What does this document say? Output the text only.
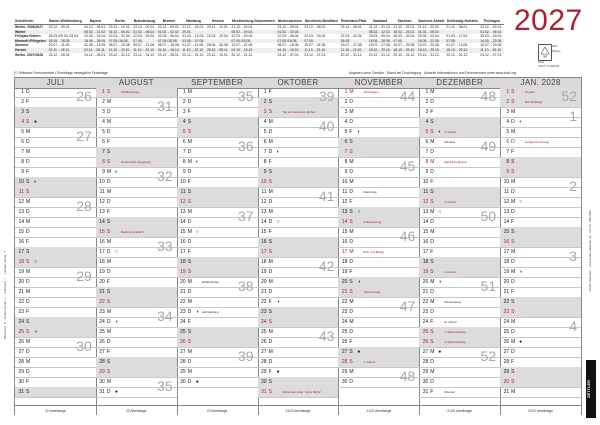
Schulferien	Baden-Württemberg	Bayern	Berlin	Brandenburg	Bremen	Hamburg	Hessen	Mecklenburg-Vorpommern	Niedersachsen	Nordrhein-Westfalen	Rheinland-Pfalz	Saarland	Sachsen	Sachsen-Anhalt	Schleswig-Holstein	Thüringen
Weihn. 2026/2027	23.12. - 09.01.	24.12. - 08.01.	23.12. - 02.01.	23.12. - 02.01.	23.12. - 09.01.	21.12. - 01.01.	23.12. - 12.01.	21.12. - 02.01.	23.12. - 09.01.	23.12. - 06.01.	23.12. - 06.01.	21.12. - 31.12.	21.12. - 02.01.	21.12. - 02.01.	21.12. - 06.01.	23.12. - 02.01.
Winter		08.02. - 12.02.	01.02. - 06.02.	01.02. - 06.02.	01.02. - 02.02.	29.01.		08.02. - 19.02.	01.02. - 02.02.			08.02. - 12.02.	15.02. - 26.02.	01.02. - 06.02.		01.02. - 06.02.
Frühjahr/Ostern	25.03./29.03.-03.04.	22.03. - 03.04.	22.03. - 02.04.	22.03. - 03.04.	22.03. - 06.04.	01.03. - 12.03.	22.03. - 10.04.	22.03. - 03.04.	22.03. - 06.04.	22.03. - 03.04.	22.03. - 02.04.	29.03. - 09.04.	26.03. - 02.04.	29.03. - 02.04.	01.04. - 17.04.	25.03. - 03.04.
Himmelf./Pfingsten	18.05. - 28.05.	18.05. - 28.05.	07.05./18.05.	07.05.	07.05./18.05.	03.05. - 07.05.		07.05./18.05.	07.05./18.05.	07.05.	18.05.	18.05. - 28.05.	07.05.	18.05. - 22.05.	07.05.	14.05. - 22.05.
Sommer	29.07. - 11.09.	02.08. - 13.09.	08.07. - 20.08.	08.07. - 21.08.	08.07. - 18.08.	01.07. - 11.08.	28.06. - 06.08.	12.07. - 21.08.	08.07. - 18.08.	19.07. - 31.08.	19.07. - 27.08.	19.07. - 27.08.	10.07. - 20.08.	10.07. - 20.08.	01.07. - 13.08.	10.07. - 20.08.
Herbst	02.11. - 06.11.	02.11. - 05.11.	11.10. - 23.10.	11.10. - 23.10.	04.10. - 16.10.	11.10. - 22.10.	25.10. - 05.11.	04.10. - 15.10.	04.10. - 15.10.	11.10. - 23.10.	11.10. - 22.10.	18.10. - 29.10.	18.10. - 29.10.	18.10. - 29.10.	18.10. - 29.10.	11.10. - 30.10.
Weihn. 2027/2028	23.12. - 08.01.	24.12. - 08.01.	23.12. - 31.12.	23.12. - 31.12.	23.12. - 08.01.	20.12. - 31.12.	23.12. - 10.01.	20.12. - 31.12.	23.12. - 07.01.	23.12. - 07.01.	20.12. - 31.12.	20.12. - 31.12.	20.12. - 31.12.	23.12. - 31.12.	20.12. - 31.12.	23.12. - 07.01.
(*) Teilweise Fernunterricht / Einzeltage bewegliche Ferientage	Angaben ohne Gewähr · Stand bei Drucklegung · Aktuelle Informationen und Ferientermine unter www.kmk.org
2027
MIX
Papier
FSC
FSC® C104034
JULI
1 D
2 F
3 S
4 S ●
5 M
6 D
7 M
8 D
9 F
10 S ◐
11 S
12 M
13 D
14 M
15 D
16 F
17 S
18 S ○
19 M
20 D
21 M
22 D
23 F
24 S
25 S ◑
26 M
27 D
28 M
29 D
30 F
31 S
26
27
28
29
30
22 Arbeitstage
AUGUST
1 S	HH Bundestag
2 M
3 D
4 M
5 D
6 F
7 S
8 S	Friedensfest (Augsburg)
9 M ◐
10 D
11 M
12 D
13 F
14 S
15 S	Mariä Himmelfahrt
16 M
17 D ○
18 M
19 D
20 F
21 S
22 S
23 M
24 D ◑
25 M
26 D
27 F
28 S
29 S
30 M
31 D ●
31
32
33
34
35
22 Arbeitstage
SEPTEMBER
1 M
2 D
3 F
4 S
5 S
6 M
7 D
8 M ◐
9 D
10 F
11 S
12 S
13 M
14 D
15 M ○
16 D
17 F
18 S
19 S
20 M	Weltkindertag
21 D
22 M
23 D ◑ Herbstanfang
24 F
25 S
26 S
27 M
28 D
29 M
30 D ●
35
36
37
38
39
22 Arbeitstage
OKTOBER
1 F
2 S
3 S	Tag der Deutschen Einheit
4 M
5 D
6 M
7 D ◐
8 F
9 S
10 S
11 M
12 D
13 M
14 D ○
15 F
16 S
17 S
18 M
19 D
20 M
21 D
22 F ◑
23 S
24 S
25 M
26 D
27 M
28 D
29 F ●
30 S
31 S	Reformationstag · Ende MESZ
39
40
41
42
43
21/22 Arbeitstage
NOVEMBER
1 M	Allerheiligen
2 D
3 M
4 D
5 F ◐
6 S
7 S
8 M
9 D
10 M
11 D	Martinstag
12 F
13 S ○
14 S	Volkstrauertag
15 M
16 D
17 M	Buß- und Bettag
18 D
19 F
20 S ◑
21 S	Totensonntag
22 M
23 D
24 M
25 D
26 F
27 S ●
28 S	1. Advent
29 M
30 D
44
45
46
47
48
21/22 Arbeitstage
DEZEMBER
1 M
2 D
3 F
4 S
5 S ◐ 2. Advent
6 M	Nikolaus
7 D
8 M	Mariä Empfängnis
9 D
10 F
11 S
12 S	3. Advent
13 M ○
14 D
15 M
16 D
17 F
18 S
19 S	4. Advent
20 M ◑
21 D
22 M	Winteranfang
23 D
24 F	Hl. Abend
25 S	1. Weihnachtstag
26 S	2. Weihnachtstag
27 M ●
28 D
29 M
30 D
31 F	Silvester
48
49
50
51
52
21/22 Arbeitstage
JAN. 2028
1 S	Neujahr
2 S	Berchtoldstag
3 M
4 D ◐
5 M
6 D	Heilige Drei Könige
7 F
8 S
9 S
10 M
11 D
12 M ○
13 D
14 F
15 S
16 S
17 M
18 D
19 M ◑
20 D
21 F
22 S
23 S
24 M
25 D
26 M ●
27 D
28 F
29 S
30 S
31 M
52
1
2
3
4
20/21 Arbeitstage
Neumond ● · Erstes Viertel ◐ · Vollmond ○ · Letztes Viertel ◑	Zettler Kalender · www.zettler-kalender.de · Art.-Nr. 108-0000
ZETTLER
